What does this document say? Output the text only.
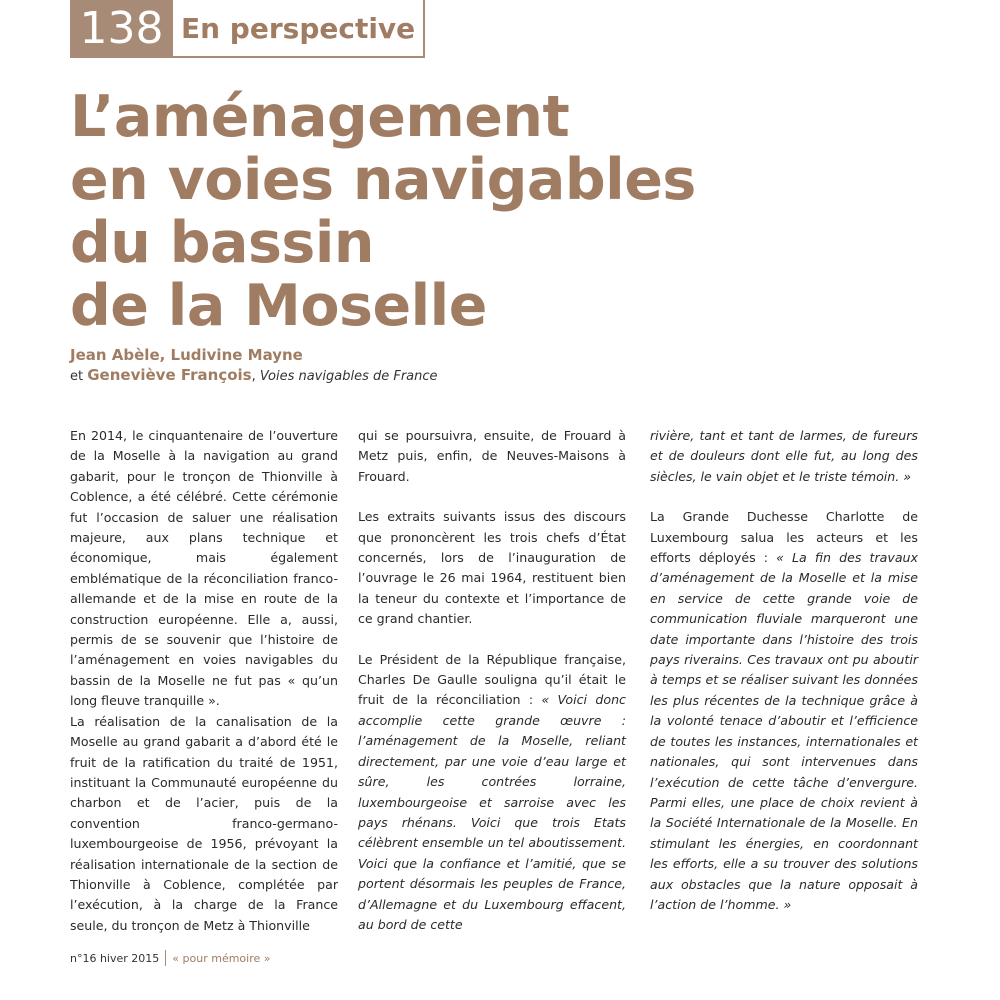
138 En perspective
L’aménagement
en voies navigables
du bassin
de la Moselle
Jean Abèle, Ludivine Mayne
et Geneviève François, Voies navigables de France

En 2014, le cinquantenaire de l’ouverture de la Moselle à la navigation au grand gabarit, pour le tronçon de Thionville à Coblence, a été célébré. Cette cérémonie fut l’occasion de saluer une réalisation majeure, aux plans technique et économique, mais également emblématique de la réconciliation franco-allemande et de la mise en route de la construction européenne. Elle a, aussi, permis de se souvenir que l’histoire de l’aménagement en voies navigables du bassin de la Moselle ne fut pas « qu’un long fleuve tranquille ».

La réalisation de la canalisation de la Moselle au grand gabarit a d’abord été le fruit de la ratification du traité de 1951, instituant la Communauté européenne du charbon et de l’acier, puis de la convention franco-germano-luxembourgeoise de 1956, prévoyant la réalisation internationale de la section de Thionville à Coblence, complétée par l’exécution, à la charge de la France seule, du tronçon de Metz à Thionville

qui se poursuivra, ensuite, de Frouard à Metz puis, enfin, de Neuves-Maisons à Frouard.

Les extraits suivants issus des discours que prononcèrent les trois chefs d’État concernés, lors de l’inauguration de l’ouvrage le 26 mai 1964, restituent bien la teneur du contexte et l’importance de ce grand chantier.

Le Président de la République française, Charles De Gaulle souligna qu’il était le fruit de la réconciliation : « Voici donc accomplie cette grande œuvre : l’aménagement de la Moselle, reliant directement, par une voie d’eau large et sûre, les contrées lorraine, luxembourgeoise et sarroise avec les pays rhénans. Voici que trois Etats célèbrent ensemble un tel aboutissement. Voici que la confiance et l’amitié, que se portent désormais les peuples de France, d’Allemagne et du Luxembourg effacent, au bord de cette

rivière, tant et tant de larmes, de fureurs et de douleurs dont elle fut, au long des siècles, le vain objet et le triste témoin. »

La Grande Duchesse Charlotte de Luxembourg salua les acteurs et les efforts déployés : « La fin des travaux d’aménagement de la Moselle et la mise en service de cette grande voie de communication fluviale marqueront une date importante dans l’histoire des trois pays riverains. Ces travaux ont pu aboutir à temps et se réaliser suivant les données les plus récentes de la technique grâce à la volonté tenace d’aboutir et l’efficience de toutes les instances, internationales et nationales, qui sont intervenues dans l’exécution de cette tâche d’envergure. Parmi elles, une place de choix revient à la Société Internationale de la Moselle. En stimulant les énergies, en coordonnant les efforts, elle a su trouver des solutions aux obstacles que la nature opposait à l’action de l’homme. »

n°16 hiver 2015 « pour mémoire »
